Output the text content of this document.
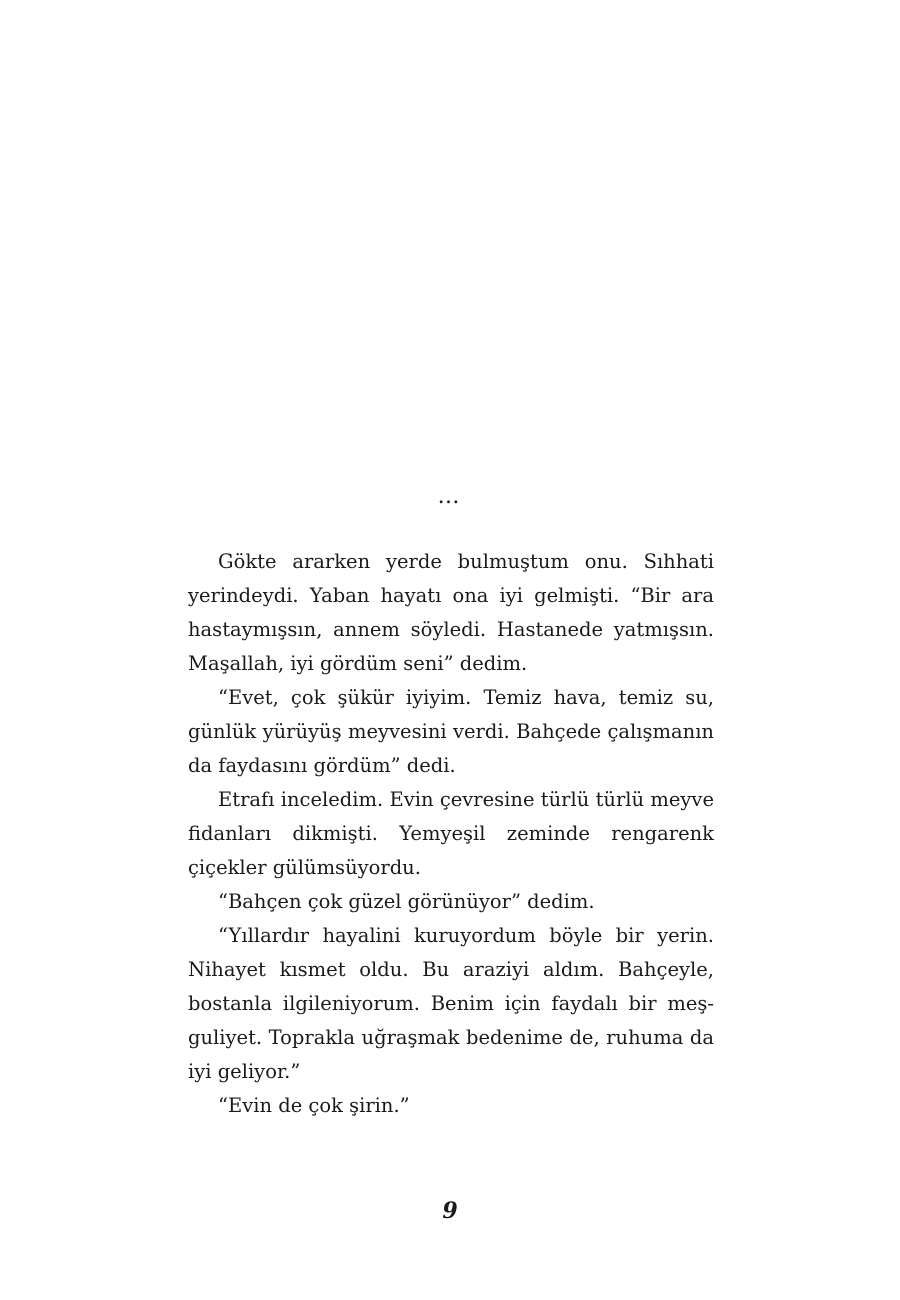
…

Gökte ararken yerde bulmuştum onu. Sıhhati yerindeydi. Yaban hayatı ona iyi gelmişti. “Bir ara hastaymışsın, annem söyledi. Hastanede yatmışsın. Maşallah, iyi gördüm seni” dedim.

“Evet, çok şükür iyiyim. Temiz hava, temiz su, günlük yürüyüş meyvesini verdi. Bahçede çalışmanın da faydasını gördüm” dedi.

Etrafı inceledim. Evin çevresine türlü türlü meyve fidanları dikmişti. Yemyeşil zeminde rengarenk çiçekler gülümsüyordu.

“Bahçen çok güzel görünüyor” dedim.

“Yıllardır hayalini kuruyordum böyle bir yerin. Nihayet kısmet oldu. Bu araziyi aldım. Bahçeyle, bostanla ilgileniyorum. Benim için faydalı bir meşguliyet. Toprakla uğraşmak bedenime de, ruhuma da iyi geliyor.”

“Evin de çok şirin.”

9
